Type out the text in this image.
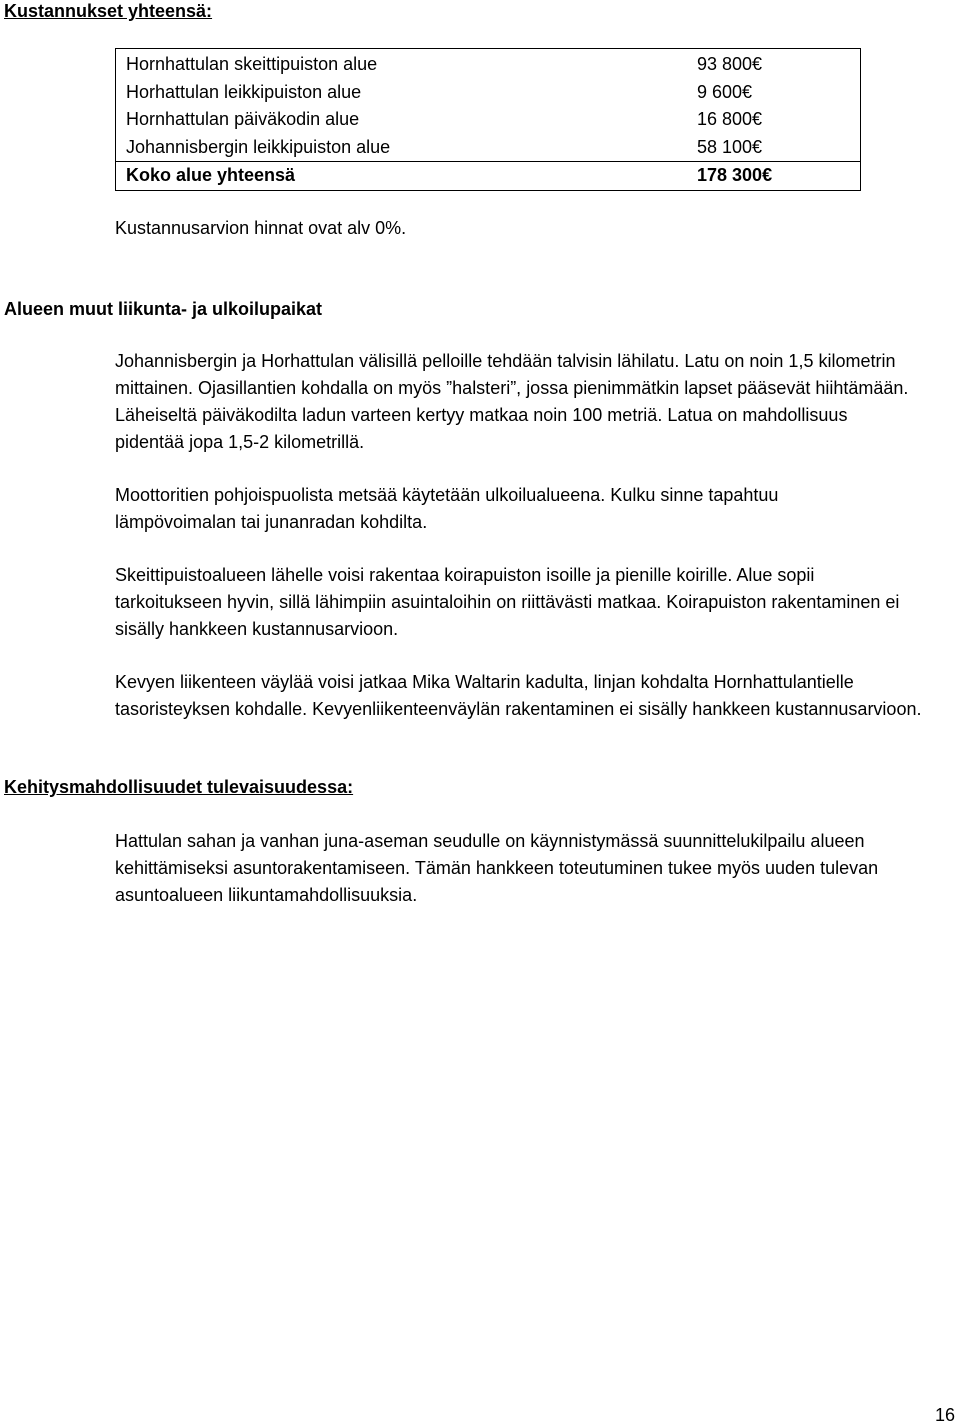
Kustannukset yhteensä:
Hornhattulan skeittipuiston alue	93 800€
Horhattulan leikkipuiston alue	9 600€
Hornhattulan päiväkodin alue	16 800€
Johannisbergin leikkipuiston alue	58 100€
Koko alue yhteensä	178 300€

Kustannusarvion hinnat ovat alv 0%.

Alueen muut liikunta- ja ulkoilupaikat

Johannisbergin ja Horhattulan välisillä pelloille tehdään talvisin lähilatu. Latu on noin 1,5 kilometrin mittainen. Ojasillantien kohdalla on myös ”halsteri”, jossa pienimmätkin lapset pääsevät hiihtämään. Läheiseltä päiväkodilta ladun varteen kertyy matkaa noin 100 metriä. Latua on mahdollisuus pidentää jopa 1,5-2 kilometrillä.

Moottoritien pohjoispuolista metsää käytetään ulkoilualueena. Kulku sinne tapahtuu lämpövoimalan tai junanradan kohdilta.

Skeittipuistoalueen lähelle voisi rakentaa koirapuiston isoille ja pienille koirille. Alue sopii tarkoitukseen hyvin, sillä lähimpiin asuintaloihin on riittävästi matkaa. Koirapuiston rakentaminen ei sisälly hankkeen kustannusarvioon.

Kevyen liikenteen väylää voisi jatkaa Mika Waltarin kadulta, linjan kohdalta Hornhattulantielle tasoristeyksen kohdalle. Kevyenliikenteenväylän rakentaminen ei sisälly hankkeen kustannusarvioon.

Kehitysmahdollisuudet tulevaisuudessa:

Hattulan sahan ja vanhan juna-aseman seudulle on käynnistymässä suunnittelukilpailu alueen kehittämiseksi asuntorakentamiseen. Tämän hankkeen toteutuminen tukee myös uuden tulevan asuntoalueen liikuntamahdollisuuksia.

16
